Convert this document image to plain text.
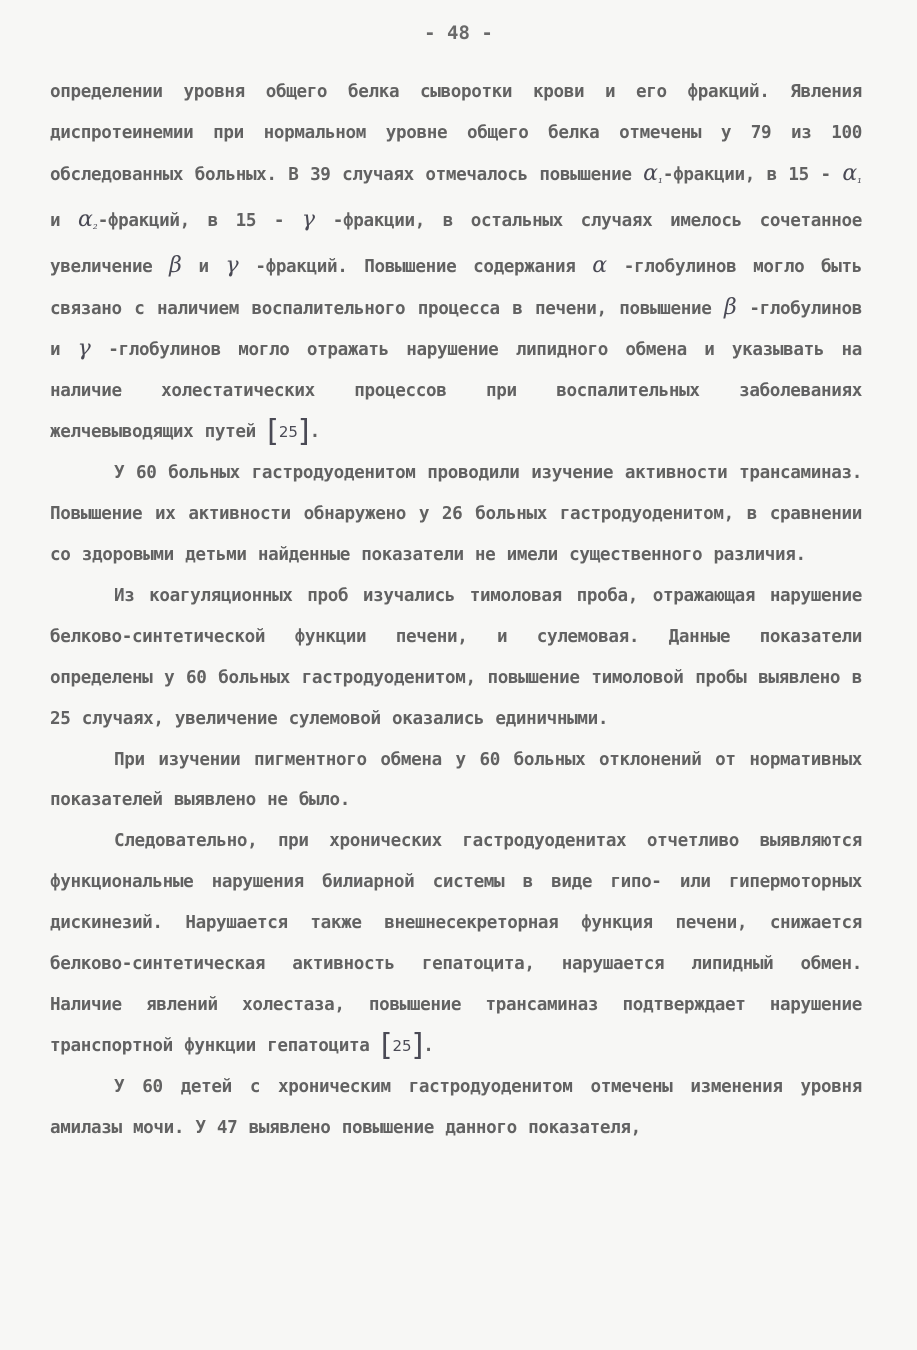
- 48 -

определении уровня общего белка сыворотки крови и его фракций. Явления диспротеинемии при нормальном уровне общего белка отмечены у 79 из 100 обследованных больных. В 39 случаях отмечалось повышение $\alpha_{_1}$-фракции, в $15 - \alpha_{_1}$ и $\alpha_{_2}$-фракций, в 15 - γ -фракции, в остальных случаях имелось сочетанное увеличение β и γ -фракций. Повышение содержания α -глобулинов могло быть связано с наличием воспалительного процесса в печени, повышение β -глобулинов и γ -глобулинов могло отражать нарушение липидного обмена и указывать на наличие холестатических процессов при воспалительных заболеваниях желчевыводящих путей [25].

У 60 больных гастродуоденитом проводили изучение активности трансаминаз. Повышение их активности обнаружено у 26 больных гастродуоденитом, в сравнении со здоровыми детьми найденные показатели не имели существенного различия.

Из коагуляционных проб изучались тимоловая проба, отражающая нарушение белково-синтетической функции печени, и сулемовая. Данные показатели определены у 60 больных гастродуоденитом, повышение тимоловой пробы выявлено в 25 случаях, увеличение сулемовой оказались единичными.

При изучении пигментного обмена у 60 больных отклонений от нормативных показателей выявлено не было.

Следовательно, при хронических гастродуоденитах отчетливо выявляются функциональные нарушения билиарной системы в виде гипо- или гипермоторных дискинезий. Нарушается также внешнесекреторная функция печени, снижается белково-синтетическая активность гепатоцита, нарушается липидный обмен. Наличие явлений холестаза, повышение трансаминаз подтверждает нарушение транспортной функции гепатоцита [25].

У 60 детей с хроническим гастродуоденитом отмечены изменения уровня амилазы мочи. У 47 выявлено повышение данного показателя,
